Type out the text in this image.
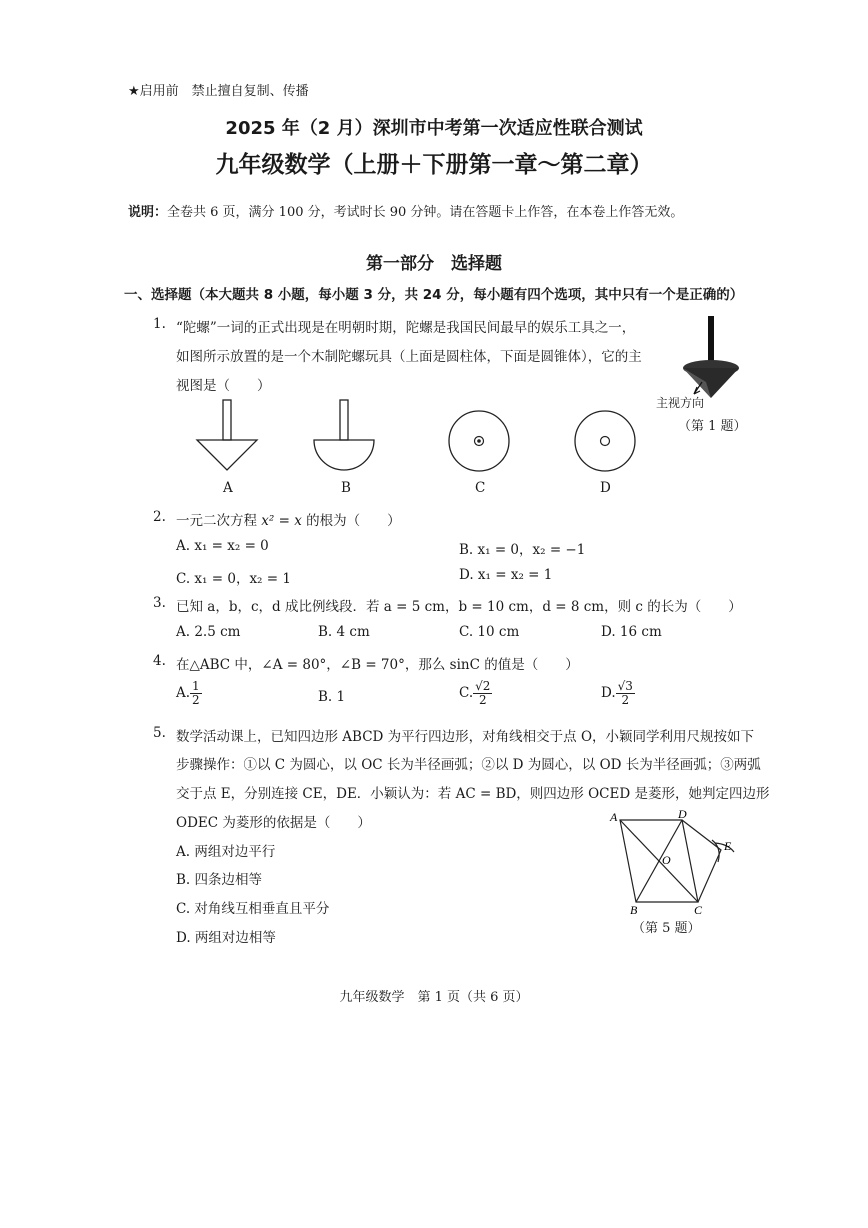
★启用前　禁止擅自复制、传播
2025 年（2 月）深圳市中考第一次适应性联合测试
九年级数学（上册＋下册第一章～第二章）
说明：全卷共 6 页，满分 100 分，考试时长 90 分钟。请在答题卡上作答，在本卷上作答无效。
第一部分　选择题
一、选择题（本大题共 8 小题，每小题 3 分，共 24 分，每小题有四个选项，其中只有一个是正确的）
1. “陀螺”一词的正式出现是在明朝时期，陀螺是我国民间最早的娱乐工具之一，
如图所示放置的是一个木制陀螺玩具（上面是圆柱体，下面是圆锥体），它的主
视图是（　　）
主视方向
（第 1 题）
A	B	C	D
2. 一元二次方程 x² = x 的根为（　　）
A. x₁ = x₂ = 0	B. x₁ = 0，x₂ = −1
C. x₁ = 0，x₂ = 1	D. x₁ = x₂ = 1
3. 已知 a，b，c，d 成比例线段．若 a = 5 cm，b = 10 cm，d = 8 cm，则 c 的长为（　　）
A. 2.5 cm	B. 4 cm	C. 10 cm	D. 16 cm
4. 在△ABC 中，∠A = 80°，∠B = 70°，那么 sinC 的值是（　　）
A. $\frac{1}{2}$	B. 1	C. $\frac{√2}{2}$	D. $\frac{√3}{2}$
5. 数学活动课上，已知四边形 ABCD 为平行四边形，对角线相交于点 O，小颖同学利用尺规按如下
步骤操作：①以 C 为圆心，以 OC 长为半径画弧；②以 D 为圆心，以 OD 长为半径画弧；③两弧
交于点 E，分别连接 CE，DE．小颖认为：若 AC = BD，则四边形 OCED 是菱形，她判定四边形
ODEC 为菱形的依据是（　　）
A. 两组对边平行
B. 四条边相等
C. 对角线互相垂直且平分
D. 两组对边相等
A	D
E
O
B	C
（第 5 题）
九年级数学　第 1 页（共 6 页）
